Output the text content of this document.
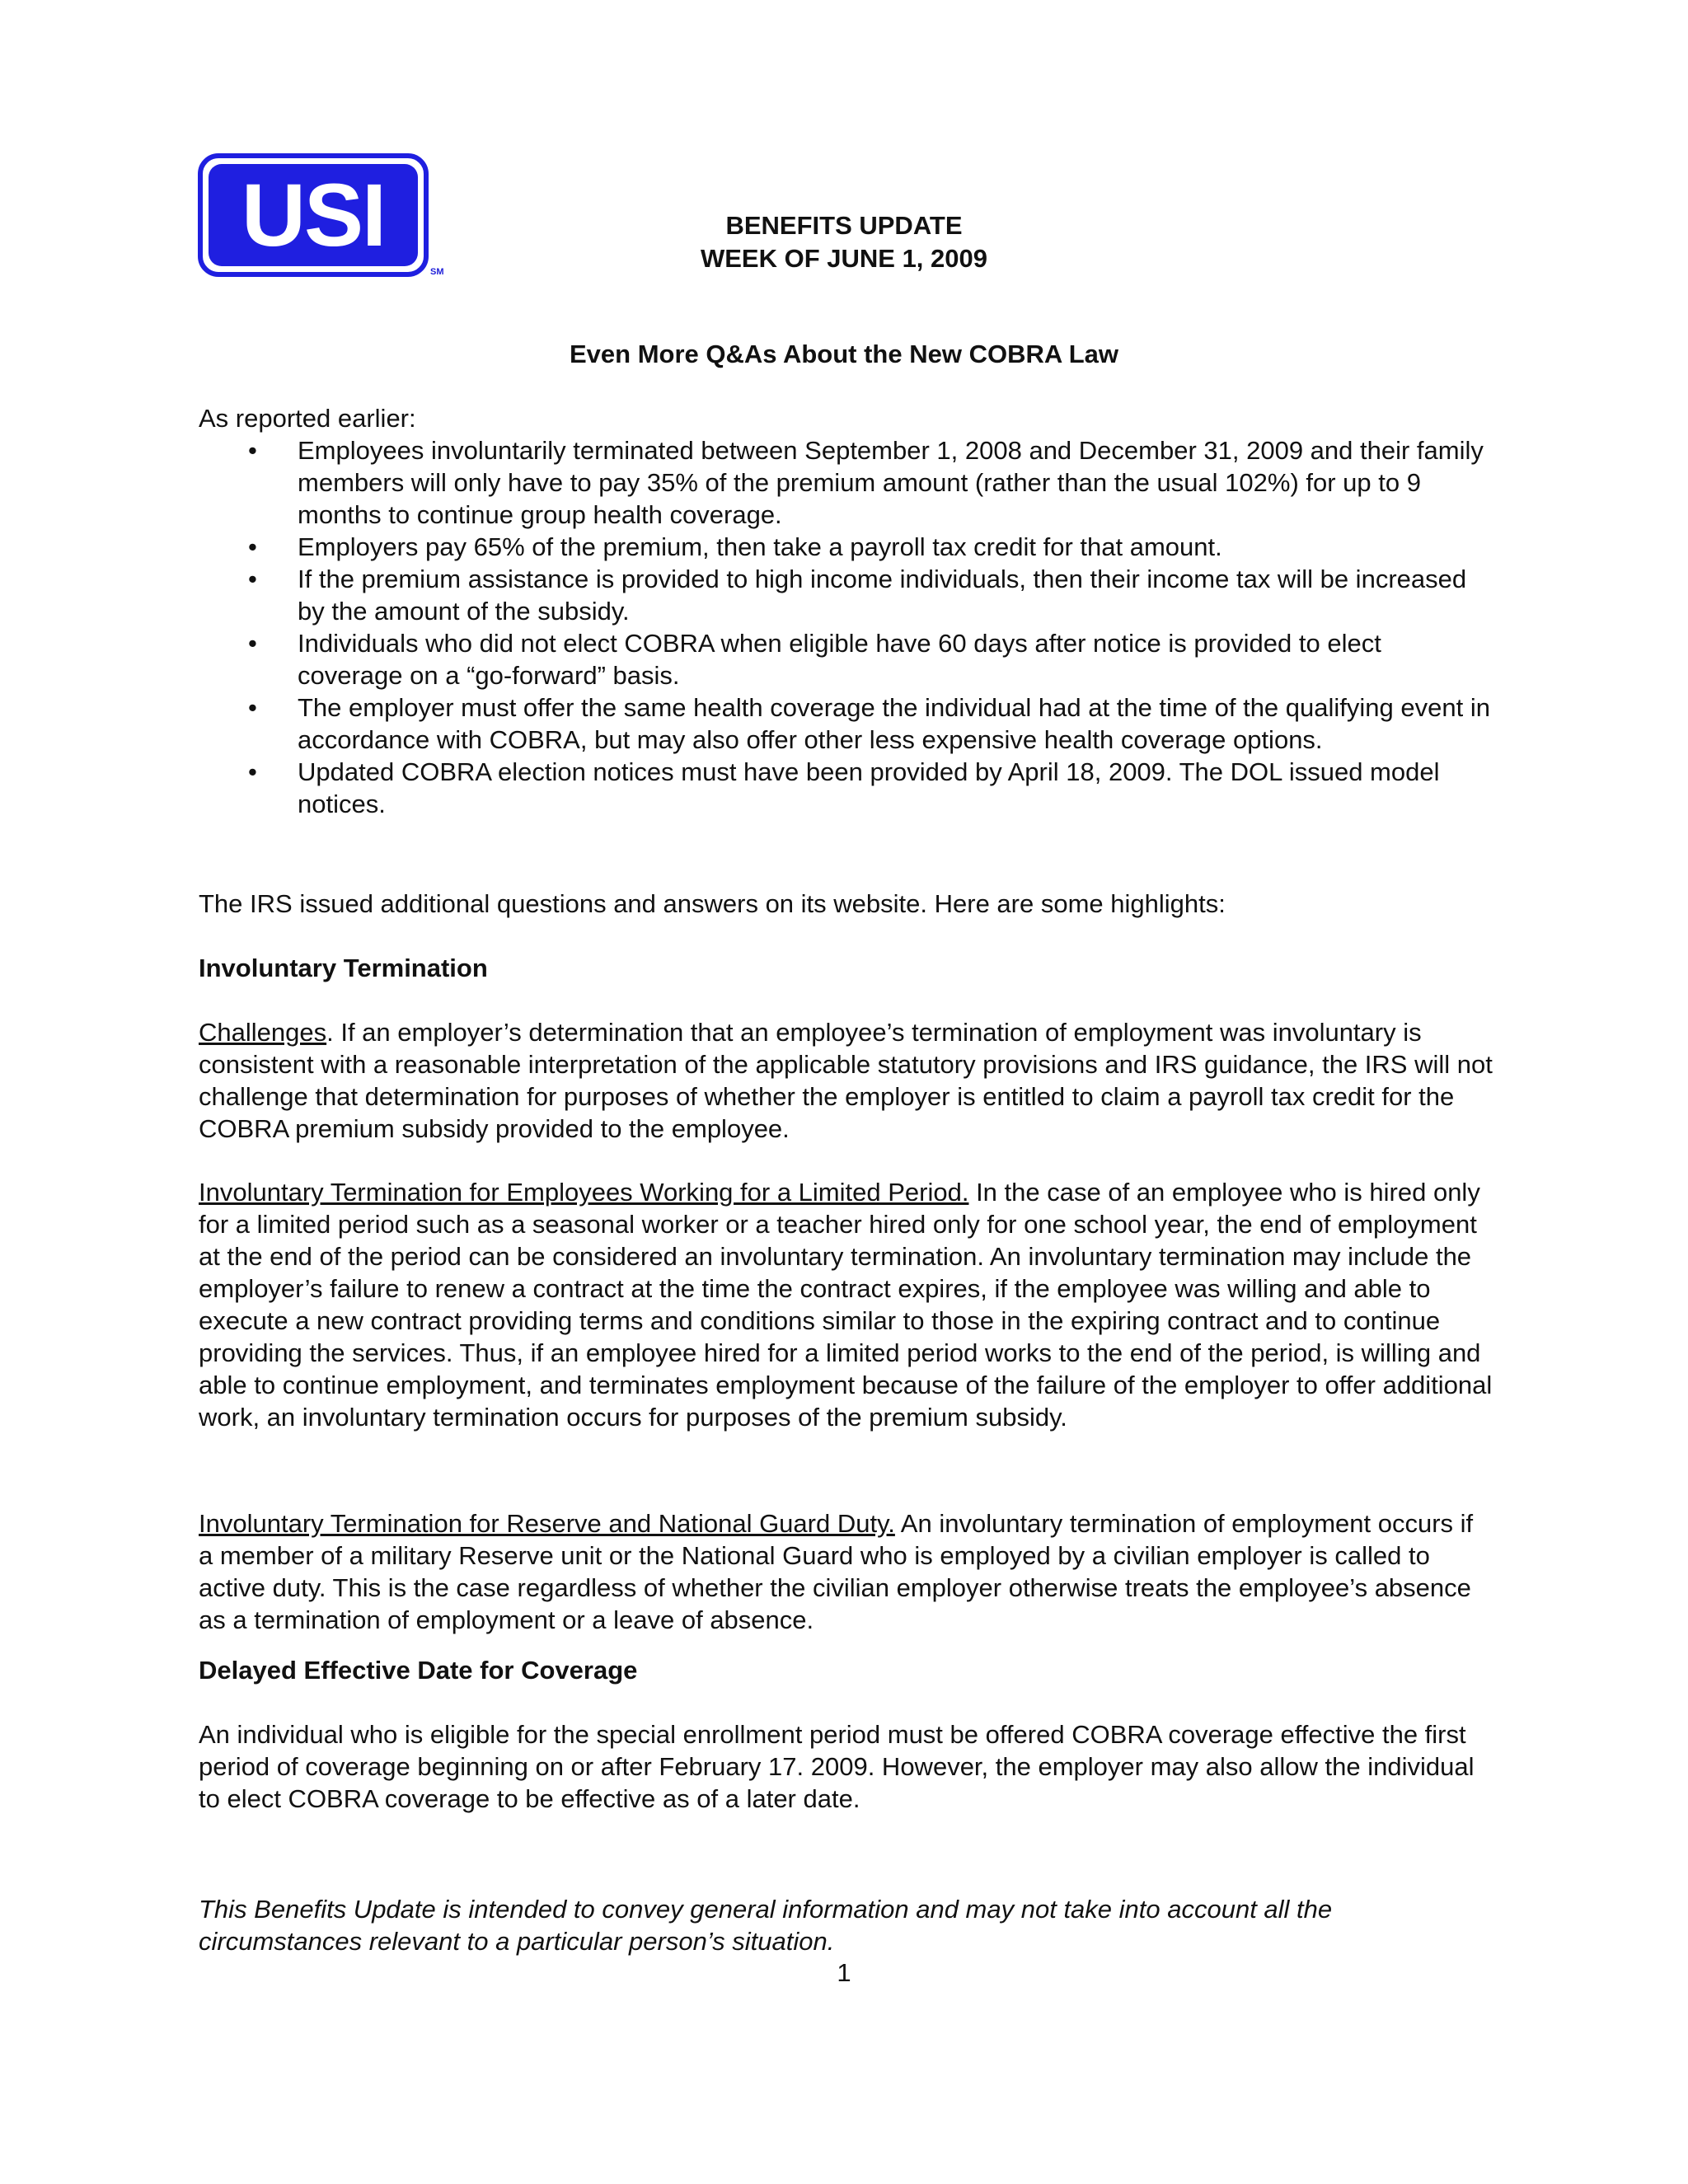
USI
SM
BENEFITS UPDATE
WEEK OF JUNE 1, 2009
Even More Q&As About the New COBRA Law
As reported earlier:
• Employees involuntarily terminated between September 1, 2008 and December 31, 2009 and their family members will only have to pay 35% of the premium amount (rather than the usual 102%) for up to 9 months to continue group health coverage.
• Employers pay 65% of the premium, then take a payroll tax credit for that amount.
• If the premium assistance is provided to high income individuals, then their income tax will be increased by the amount of the subsidy.
• Individuals who did not elect COBRA when eligible have 60 days after notice is provided to elect coverage on a “go-forward” basis.
• The employer must offer the same health coverage the individual had at the time of the qualifying event in accordance with COBRA, but may also offer other less expensive health coverage options.
• Updated COBRA election notices must have been provided by April 18, 2009. The DOL issued model notices.
The IRS issued additional questions and answers on its website. Here are some highlights:
Involuntary Termination
Challenges. If an employer’s determination that an employee’s termination of employment was involuntary is consistent with a reasonable interpretation of the applicable statutory provisions and IRS guidance, the IRS will not challenge that determination for purposes of whether the employer is entitled to claim a payroll tax credit for the COBRA premium subsidy provided to the employee.
Involuntary Termination for Employees Working for a Limited Period. In the case of an employee who is hired only for a limited period such as a seasonal worker or a teacher hired only for one school year, the end of employment at the end of the period can be considered an involuntary termination. An involuntary termination may include the employer’s failure to renew a contract at the time the contract expires, if the employee was willing and able to execute a new contract providing terms and conditions similar to those in the expiring contract and to continue providing the services. Thus, if an employee hired for a limited period works to the end of the period, is willing and able to continue employment, and terminates employment because of the failure of the employer to offer additional work, an involuntary termination occurs for purposes of the premium subsidy.
Involuntary Termination for Reserve and National Guard Duty. An involuntary termination of employment occurs if a member of a military Reserve unit or the National Guard who is employed by a civilian employer is called to active duty. This is the case regardless of whether the civilian employer otherwise treats the employee’s absence as a termination of employment or a leave of absence.
Delayed Effective Date for Coverage
An individual who is eligible for the special enrollment period must be offered COBRA coverage effective the first period of coverage beginning on or after February 17. 2009. However, the employer may also allow the individual to elect COBRA coverage to be effective as of a later date.
This Benefits Update is intended to convey general information and may not take into account all the circumstances relevant to a particular person’s situation.
1
